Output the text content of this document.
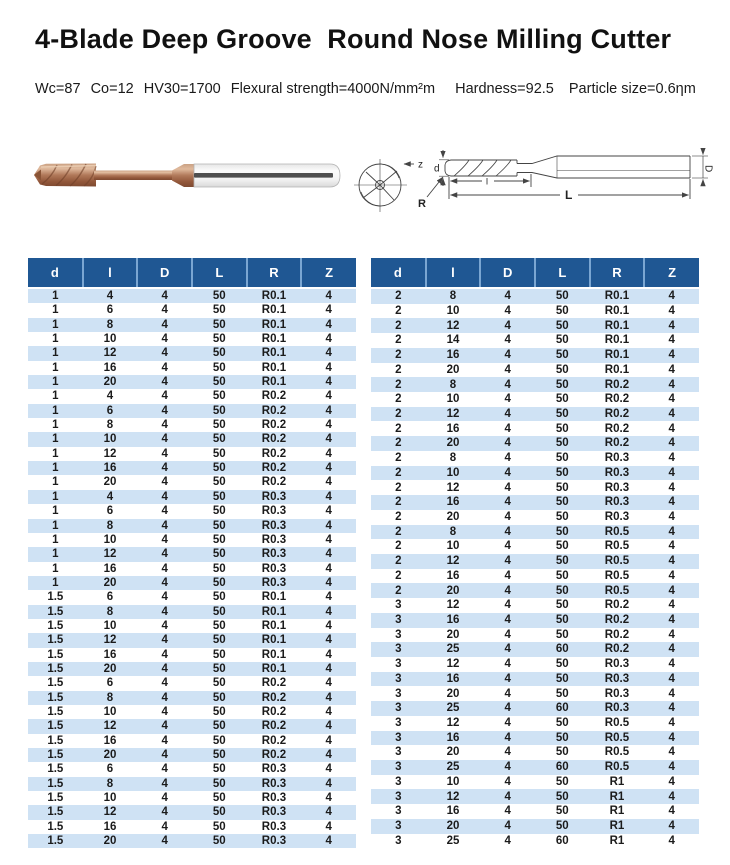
4-Blade Deep Groove  Round Nose Milling Cutter
Wc=87 Co=12 HV30=1700 Flexural strength=4000N/mm²m Hardness=92.5 Particle size=0.6ηm
z d
R
l
L
D
d	l	D	L	R	Z
1	4	4	50	R0.1	4
1	6	4	50	R0.1	4
1	8	4	50	R0.1	4
1	10	4	50	R0.1	4
1	12	4	50	R0.1	4
1	16	4	50	R0.1	4
1	20	4	50	R0.1	4
1	4	4	50	R0.2	4
1	6	4	50	R0.2	4
1	8	4	50	R0.2	4
1	10	4	50	R0.2	4
1	12	4	50	R0.2	4
1	16	4	50	R0.2	4
1	20	4	50	R0.2	4
1	4	4	50	R0.3	4
1	6	4	50	R0.3	4
1	8	4	50	R0.3	4
1	10	4	50	R0.3	4
1	12	4	50	R0.3	4
1	16	4	50	R0.3	4
1	20	4	50	R0.3	4
1.5	6	4	50	R0.1	4
1.5	8	4	50	R0.1	4
1.5	10	4	50	R0.1	4
1.5	12	4	50	R0.1	4
1.5	16	4	50	R0.1	4
1.5	20	4	50	R0.1	4
1.5	6	4	50	R0.2	4
1.5	8	4	50	R0.2	4
1.5	10	4	50	R0.2	4
1.5	12	4	50	R0.2	4
1.5	16	4	50	R0.2	4
1.5	20	4	50	R0.2	4
1.5	6	4	50	R0.3	4
1.5	8	4	50	R0.3	4
1.5	10	4	50	R0.3	4
1.5	12	4	50	R0.3	4
1.5	16	4	50	R0.3	4
1.5	20	4	50	R0.3	4
d	l	D	L	R	Z
2	8	4	50	R0.1	4
2	10	4	50	R0.1	4
2	12	4	50	R0.1	4
2	14	4	50	R0.1	4
2	16	4	50	R0.1	4
2	20	4	50	R0.1	4
2	8	4	50	R0.2	4
2	10	4	50	R0.2	4
2	12	4	50	R0.2	4
2	16	4	50	R0.2	4
2	20	4	50	R0.2	4
2	8	4	50	R0.3	4
2	10	4	50	R0.3	4
2	12	4	50	R0.3	4
2	16	4	50	R0.3	4
2	20	4	50	R0.3	4
2	8	4	50	R0.5	4
2	10	4	50	R0.5	4
2	12	4	50	R0.5	4
2	16	4	50	R0.5	4
2	20	4	50	R0.5	4
3	12	4	50	R0.2	4
3	16	4	50	R0.2	4
3	20	4	50	R0.2	4
3	25	4	60	R0.2	4
3	12	4	50	R0.3	4
3	16	4	50	R0.3	4
3	20	4	50	R0.3	4
3	25	4	60	R0.3	4
3	12	4	50	R0.5	4
3	16	4	50	R0.5	4
3	20	4	50	R0.5	4
3	25	4	60	R0.5	4
3	10	4	50	R1	4
3	12	4	50	R1	4
3	16	4	50	R1	4
3	20	4	50	R1	4
3	25	4	60	R1	4
